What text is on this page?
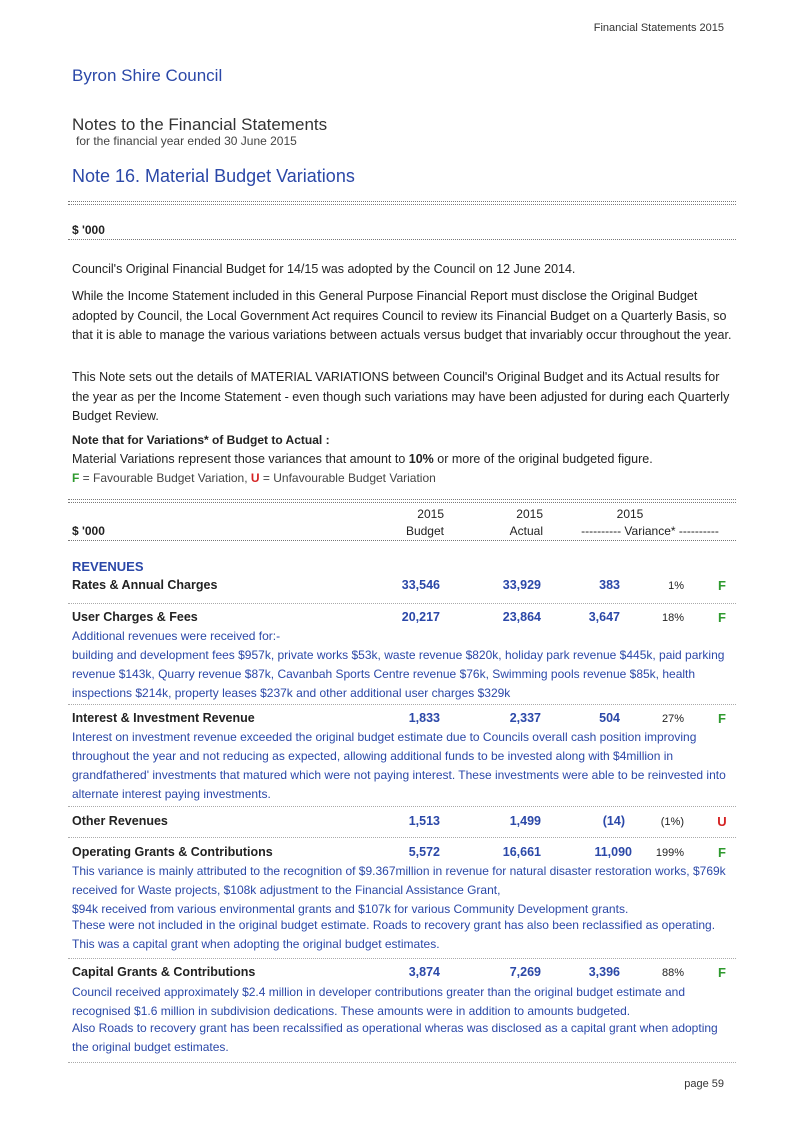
Financial Statements 2015
Byron Shire Council
Notes to the Financial Statements
for the financial year ended 30 June 2015
Note 16. Material Budget Variations
$ '000
Council's Original Financial Budget for 14/15 was adopted by the Council on 12 June 2014.
While the Income Statement included in this General Purpose Financial Report must disclose the Original Budget adopted by Council, the Local Government Act requires Council to review its Financial Budget on a Quarterly Basis, so that it is able to manage the various variations between actuals versus budget that invariably occur throughout the year.
This Note sets out the details of MATERIAL VARIATIONS between Council's Original Budget and its Actual results for the year as per the Income Statement - even though such variations may have been adjusted for during each Quarterly Budget Review.
Note that for Variations* of Budget to Actual :
Material Variations represent those variances that amount to 10% or more of the original budgeted figure.
F = Favourable Budget Variation, U = Unfavourable Budget Variation
2015	2015	2015
$ '000	Budget	Actual	---------- Variance* ----------
REVENUES
Rates & Annual Charges	33,546	33,929	383	1%	F
User Charges & Fees	20,217	23,864	3,647	18%	F
Additional revenues were received for:-
building and development fees $957k, private works $53k, waste revenue $820k, holiday park revenue $445k, paid parking revenue $143k, Quarry revenue $87k, Cavanbah Sports Centre revenue $76k, Swimming pools revenue $85k, health inspections $214k, property leases $237k and other additional user charges $329k
Interest & Investment Revenue	1,833	2,337	504	27%	F
Interest on investment revenue exceeded the original budget estimate due to Councils overall cash position improving throughout the year and not reducing as expected, allowing additional funds to be invested along with $4million in grandfathered' investments that matured which were not paying interest. These investments were able to be reinvested into alternate interest paying investments.
Other Revenues	1,513	1,499	(14)	(1%)	U
Operating Grants & Contributions	5,572	16,661	11,090	199%	F
This variance is mainly attributed to the recognition of $9.367million in revenue for natural disaster restoration works, $769k received for Waste projects, $108k adjustment to the Financial Assistance Grant,
$94k received from various environmental grants and $107k for various Community Development grants.
These were not included in the original budget estimate. Roads to recovery grant has also been reclassified as operating. This was a capital grant when adopting the original budget estimates.
Capital Grants & Contributions	3,874	7,269	3,396	88%	F
Council received approximately $2.4 million in developer contributions greater than the original budget estimate and recognised $1.6 million in subdivision dedications. These amounts were in addition to amounts budgeted.
Also Roads to recovery grant has been recalssified as operational wheras was disclosed as a capital grant when adopting the original budget estimates.
page 59
